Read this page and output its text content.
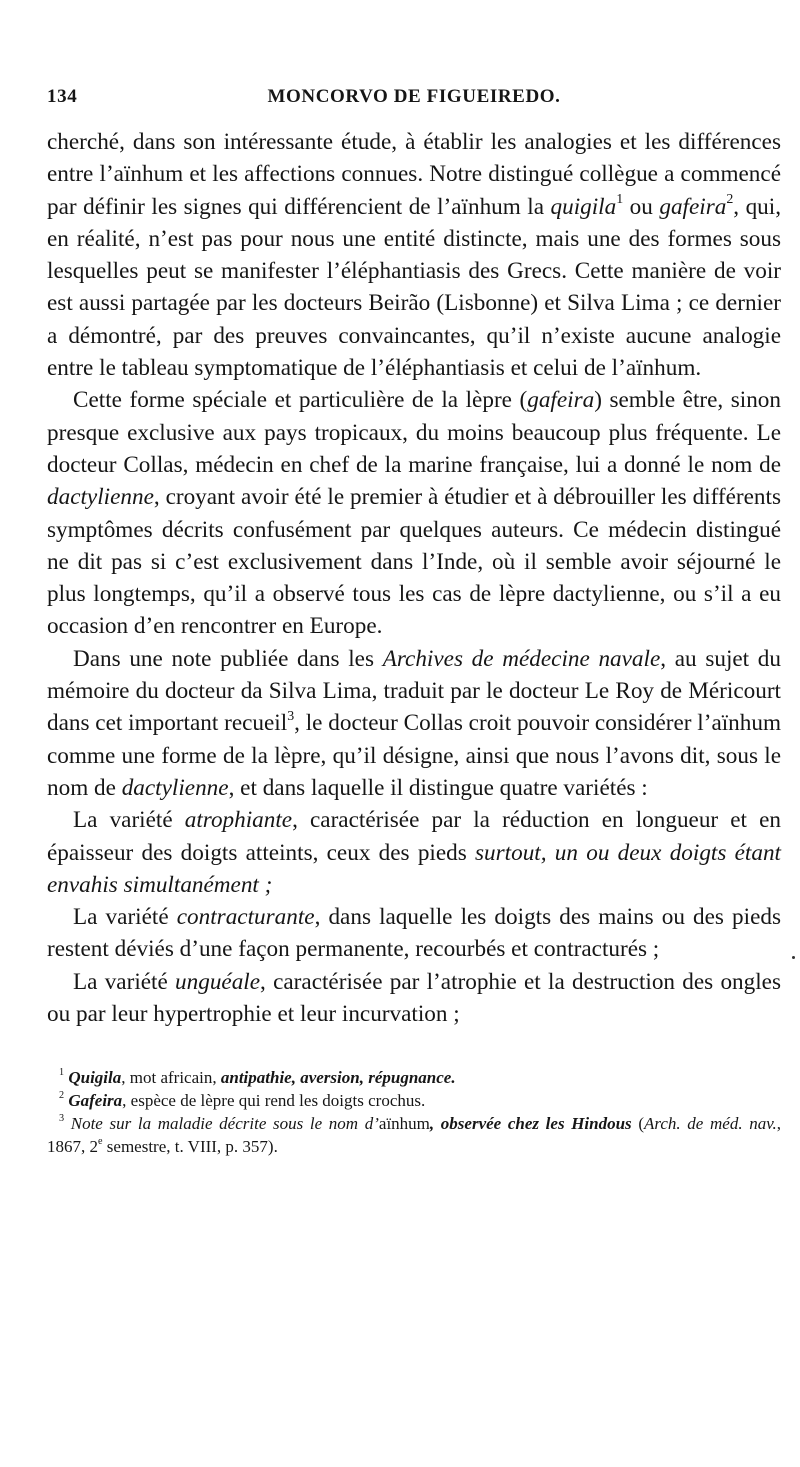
134	MONCORVO DE FIGUEIREDO.

cherché, dans son intéressante étude, à établir les analogies et les différences entre l’aïnhum et les affections connues. Notre distingué collègue a commencé par définir les signes qui différencient de l’aïnhum la quigila$^1$ ou gafeira$^2$, qui, en réalité, n’est pas pour nous une entité distincte, mais une des formes sous lesquelles peut se manifester l’éléphantiasis des Grecs. Cette manière de voir est aussi partagée par les docteurs Beirão (Lisbonne) et Silva Lima ; ce dernier a démontré, par des preuves convaincantes, qu’il n’existe aucune analogie entre le tableau symptomatique de l’éléphantiasis et celui de l’aïnhum.

Cette forme spéciale et particulière de la lèpre (gafeira) semble être, sinon presque exclusive aux pays tropicaux, du moins beaucoup plus fréquente. Le docteur Collas, médecin en chef de la marine française, lui a donné le nom de dactylienne, croyant avoir été le premier à étudier et à débrouiller les différents symptômes décrits confusément par quelques auteurs. Ce médecin distingué ne dit pas si c’est exclusivement dans l’Inde, où il semble avoir séjourné le plus longtemps, qu’il a observé tous les cas de lèpre dactylienne, ou s’il a eu occasion d’en rencontrer en Europe.

Dans une note publiée dans les Archives de médecine navale, au sujet du mémoire du docteur da Silva Lima, traduit par le docteur Le Roy de Méricourt dans cet important recueil$^3$, le docteur Collas croit pouvoir considérer l’aïnhum comme une forme de la lèpre, qu’il désigne, ainsi que nous l’avons dit, sous le nom de dactylienne, et dans laquelle il distingue quatre variétés :

La variété atrophiante, caractérisée par la réduction en longueur et en épaisseur des doigts atteints, ceux des pieds surtout, un ou deux doigts étant envahis simultanément ;

La variété contracturante, dans laquelle les doigts des mains ou des pieds restent déviés d’une façon permanente, recourbés et contracturés ;

La variété unguéale, caractérisée par l’atrophie et la destruction des ongles ou par leur hypertrophie et leur incurvation ;

$^1$ Quigila, mot africain, antipathie, aversion, répugnance.

$^2$ Gafeira, espèce de lèpre qui rend les doigts crochus.

$^3$ Note sur la maladie décrite sous le nom d’aïnhum, observée chez les Hindous (Arch. de méd. nav., 1867, 2e semestre, t. VIII, p. 357).
